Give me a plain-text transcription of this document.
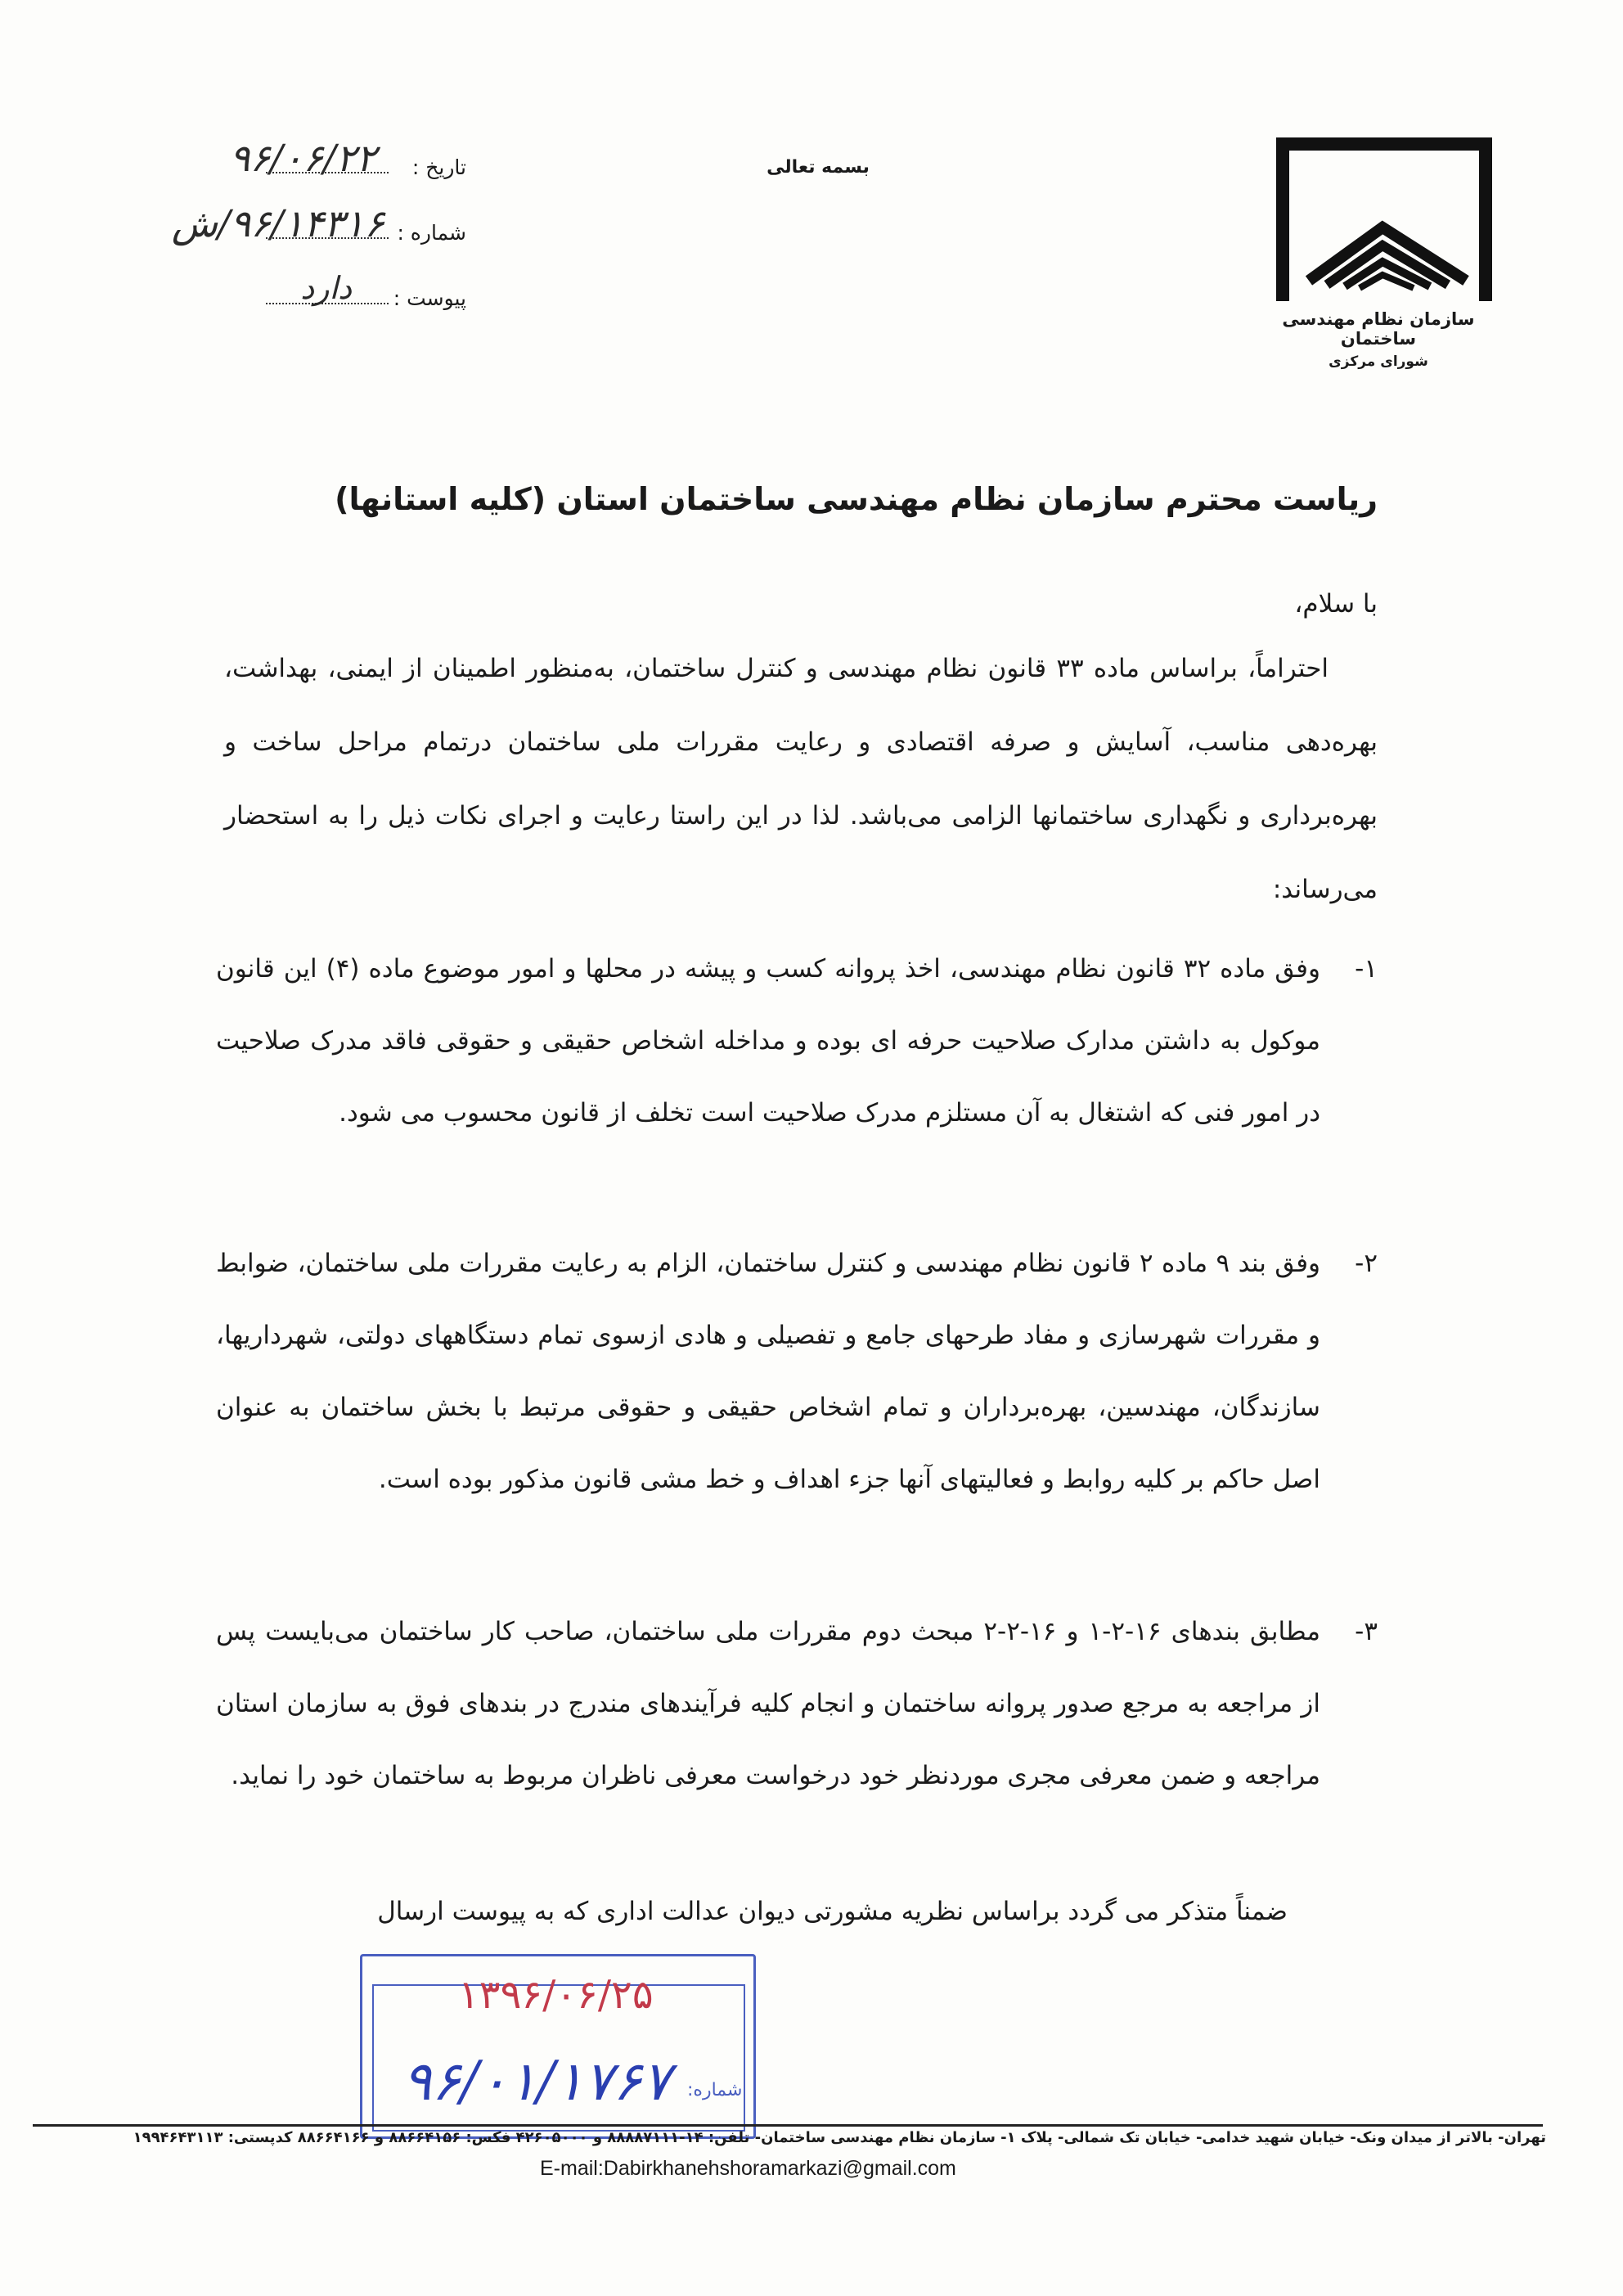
سازمان نظام مهندسی ساختمان
شورای مرکزی
بسمه تعالی
تاریخ :
۹۶/۰۶/۲۲
شماره :
۹۶/۱۴۳۱۶/ش
پیوست :
دارد
ریاست محترم سازمان نظام مهندسی ساختمان استان (کلیه استانها)
با سلام،
احتراماً، براساس ماده ۳۳ قانون نظام مهندسی و کنترل ساختمان، به‌منظور اطمینان از ایمنی، بهداشت، بهره‌دهی مناسب، آسایش و صرفه اقتصادی و رعایت مقررات ملی ساختمان درتمام مراحل ساخت و بهره‌برداری و نگهداری ساختمانها الزامی می‌باشد. لذا در این راستا رعایت و اجرای نکات ذیل را به استحضار می‌رساند:
۱-
وفق ماده ۳۲ قانون نظام مهندسی، اخذ پروانه کسب و پیشه در محلها و امور موضوع ماده (۴) این قانون موکول به داشتن مدارک صلاحیت حرفه ای بوده و مداخله اشخاص حقیقی و حقوقی فاقد مدرک صلاحیت در امور فنی که اشتغال به آن مستلزم مدرک صلاحیت است تخلف از قانون محسوب می شود.
۲-
وفق بند ۹ ماده ۲ قانون نظام مهندسی و کنترل ساختمان، الزام به رعایت مقررات ملی ساختمان، ضوابط و مقررات شهرسازی و مفاد طرحهای جامع و تفصیلی و هادی ازسوی تمام دستگاههای دولتی، شهرداریها، سازندگان، مهندسین، بهره‌برداران و تمام اشخاص حقیقی و حقوقی مرتبط با بخش ساختمان به عنوان اصل حاکم بر کلیه روابط و فعالیتهای آنها جزء اهداف و خط مشی قانون مذکور بوده است.
۳-
مطابق بندهای ۱۶-۲-۱ و ۱۶-۲-۲ مبحث دوم مقررات ملی ساختمان، صاحب کار ساختمان می‌بایست پس از مراجعه به مرجع صدور پروانه ساختمان و انجام کلیه فرآیندهای مندرج در بندهای فوق به سازمان استان مراجعه و ضمن معرفی مجری موردنظر خود درخواست معرفی ناظران مربوط به ساختمان خود را نماید.
ضمناً متذکر می گردد براساس نظریه مشورتی دیوان عدالت اداری که به پیوست ارسال
۱۳۹۶/۰۶/۲۵
شماره:
۹۶/۰۱/۱۷۶۷
تهران- بالاتر از میدان ونک- خیابان شهید خدامی- خیابان تک شمالی- پلاک ۱- سازمان نظام مهندسی ساختمان- تلفن: ۱۴-۸۸۸۸۷۱۱۱ و ۴۲۶۰۵۰۰۰ فکس: ۸۸۶۶۴۱۵۶ و ۸۸۶۶۴۱۶۶ کدپستی: ۱۹۹۴۶۴۳۱۱۳
E-mail:Dabirkhanehshoramarkazi@gmail.com
